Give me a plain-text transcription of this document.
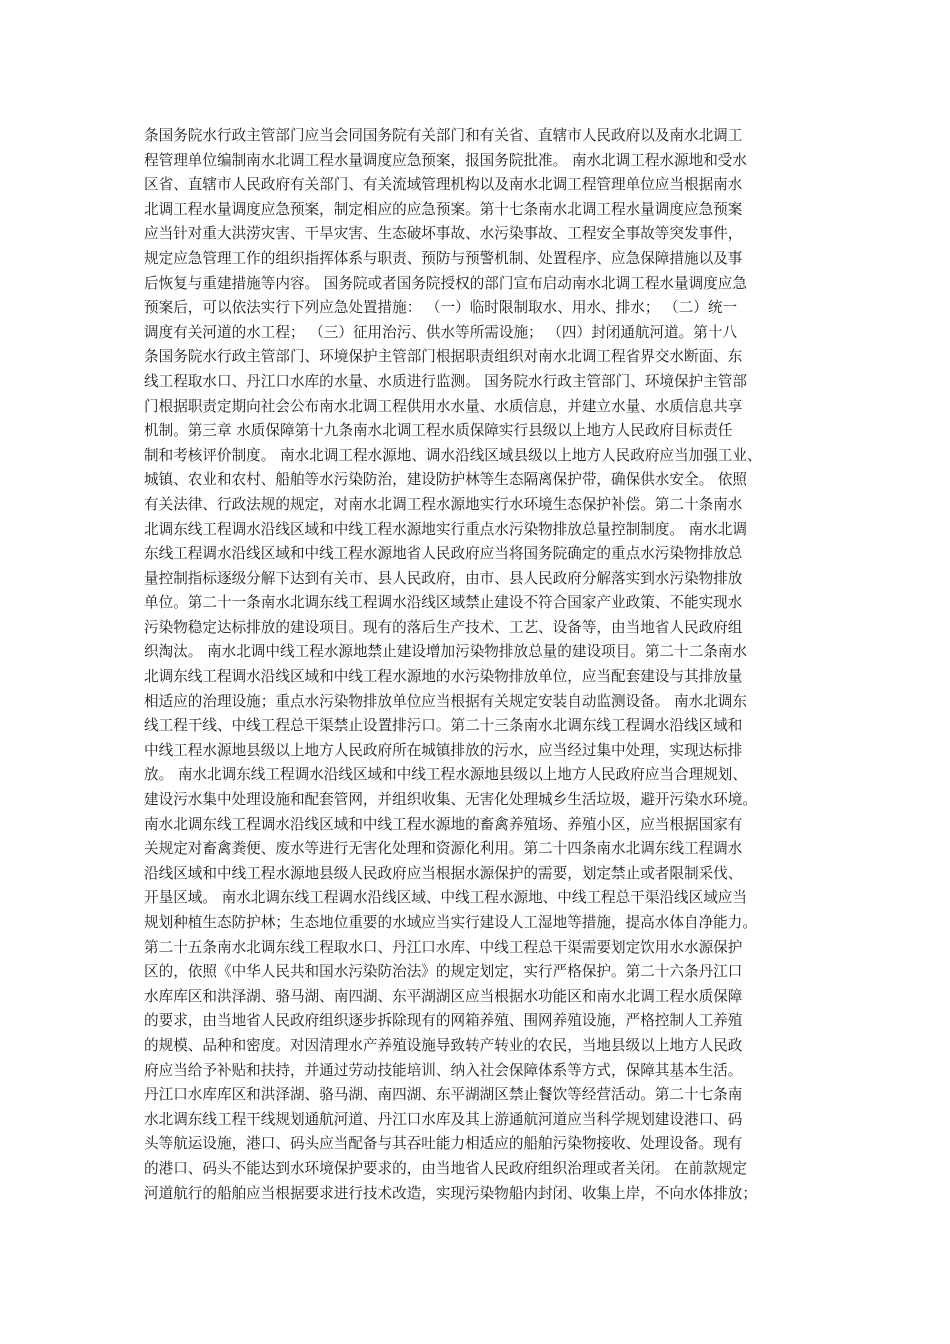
条国务院水行政主管部门应当会同国务院有关部门和有关省、直辖市人民政府以及南水北调工
程管理单位编制南水北调工程水量调度应急预案，报国务院批准。 南水北调工程水源地和受水
区省、直辖市人民政府有关部门、有关流域管理机构以及南水北调工程管理单位应当根据南水
北调工程水量调度应急预案，制定相应的应急预案。第十七条南水北调工程水量调度应急预案
应当针对重大洪涝灾害、干旱灾害、生态破坏事故、水污染事故、工程安全事故等突发事件，
规定应急管理工作的组织指挥体系与职责、预防与预警机制、处置程序、应急保障措施以及事
后恢复与重建措施等内容。 国务院或者国务院授权的部门宣布启动南水北调工程水量调度应急
预案后，可以依法实行下列应急处置措施： （一）临时限制取水、用水、排水； （二）统一
调度有关河道的水工程； （三）征用治污、供水等所需设施； （四）封闭通航河道。第十八
条国务院水行政主管部门、环境保护主管部门根据职责组织对南水北调工程省界交水断面、东
线工程取水口、丹江口水库的水量、水质进行监测。 国务院水行政主管部门、环境保护主管部
门根据职责定期向社会公布南水北调工程供用水水量、水质信息，并建立水量、水质信息共享
机制。第三章 水质保障第十九条南水北调工程水质保障实行县级以上地方人民政府目标责任
制和考核评价制度。 南水北调工程水源地、调水沿线区域县级以上地方人民政府应当加强工业、
城镇、农业和农村、船舶等水污染防治，建设防护林等生态隔离保护带，确保供水安全。 依照
有关法律、行政法规的规定，对南水北调工程水源地实行水环境生态保护补偿。第二十条南水
北调东线工程调水沿线区域和中线工程水源地实行重点水污染物排放总量控制制度。 南水北调
东线工程调水沿线区域和中线工程水源地省人民政府应当将国务院确定的重点水污染物排放总
量控制指标逐级分解下达到有关市、县人民政府，由市、县人民政府分解落实到水污染物排放
单位。第二十一条南水北调东线工程调水沿线区域禁止建设不符合国家产业政策、不能实现水
污染物稳定达标排放的建设项目。现有的落后生产技术、工艺、设备等，由当地省人民政府组
织淘汰。 南水北调中线工程水源地禁止建设增加污染物排放总量的建设项目。第二十二条南水
北调东线工程调水沿线区域和中线工程水源地的水污染物排放单位，应当配套建设与其排放量
相适应的治理设施；重点水污染物排放单位应当根据有关规定安装自动监测设备。 南水北调东
线工程干线、中线工程总干渠禁止设置排污口。第二十三条南水北调东线工程调水沿线区域和
中线工程水源地县级以上地方人民政府所在城镇排放的污水，应当经过集中处理，实现达标排
放。 南水北调东线工程调水沿线区域和中线工程水源地县级以上地方人民政府应当合理规划、
建设污水集中处理设施和配套管网，并组织收集、无害化处理城乡生活垃圾，避开污染水环境。
南水北调东线工程调水沿线区域和中线工程水源地的畜禽养殖场、养殖小区，应当根据国家有
关规定对畜禽粪便、废水等进行无害化处理和资源化利用。第二十四条南水北调东线工程调水
沿线区域和中线工程水源地县级人民政府应当根据水源保护的需要，划定禁止或者限制采伐、
开垦区域。 南水北调东线工程调水沿线区域、中线工程水源地、中线工程总干渠沿线区域应当
规划种植生态防护林；生态地位重要的水域应当实行建设人工湿地等措施，提高水体自净能力。
第二十五条南水北调东线工程取水口、丹江口水库、中线工程总干渠需要划定饮用水水源保护
区的，依照《中华人民共和国水污染防治法》的规定划定，实行严格保护。第二十六条丹江口
水库库区和洪泽湖、骆马湖、南四湖、东平湖湖区应当根据水功能区和南水北调工程水质保障
的要求，由当地省人民政府组织逐步拆除现有的网箱养殖、围网养殖设施，严格控制人工养殖
的规模、品种和密度。对因清理水产养殖设施导致转产转业的农民，当地县级以上地方人民政
府应当给予补贴和扶持，并通过劳动技能培训、纳入社会保障体系等方式，保障其基本生活。
丹江口水库库区和洪泽湖、骆马湖、南四湖、东平湖湖区禁止餐饮等经营活动。第二十七条南
水北调东线工程干线规划通航河道、丹江口水库及其上游通航河道应当科学规划建设港口、码
头等航运设施，港口、码头应当配备与其吞吐能力相适应的船舶污染物接收、处理设备。现有
的港口、码头不能达到水环境保护要求的，由当地省人民政府组织治理或者关闭。 在前款规定
河道航行的船舶应当根据要求进行技术改造，实现污染物船内封闭、收集上岸，不向水体排放；
